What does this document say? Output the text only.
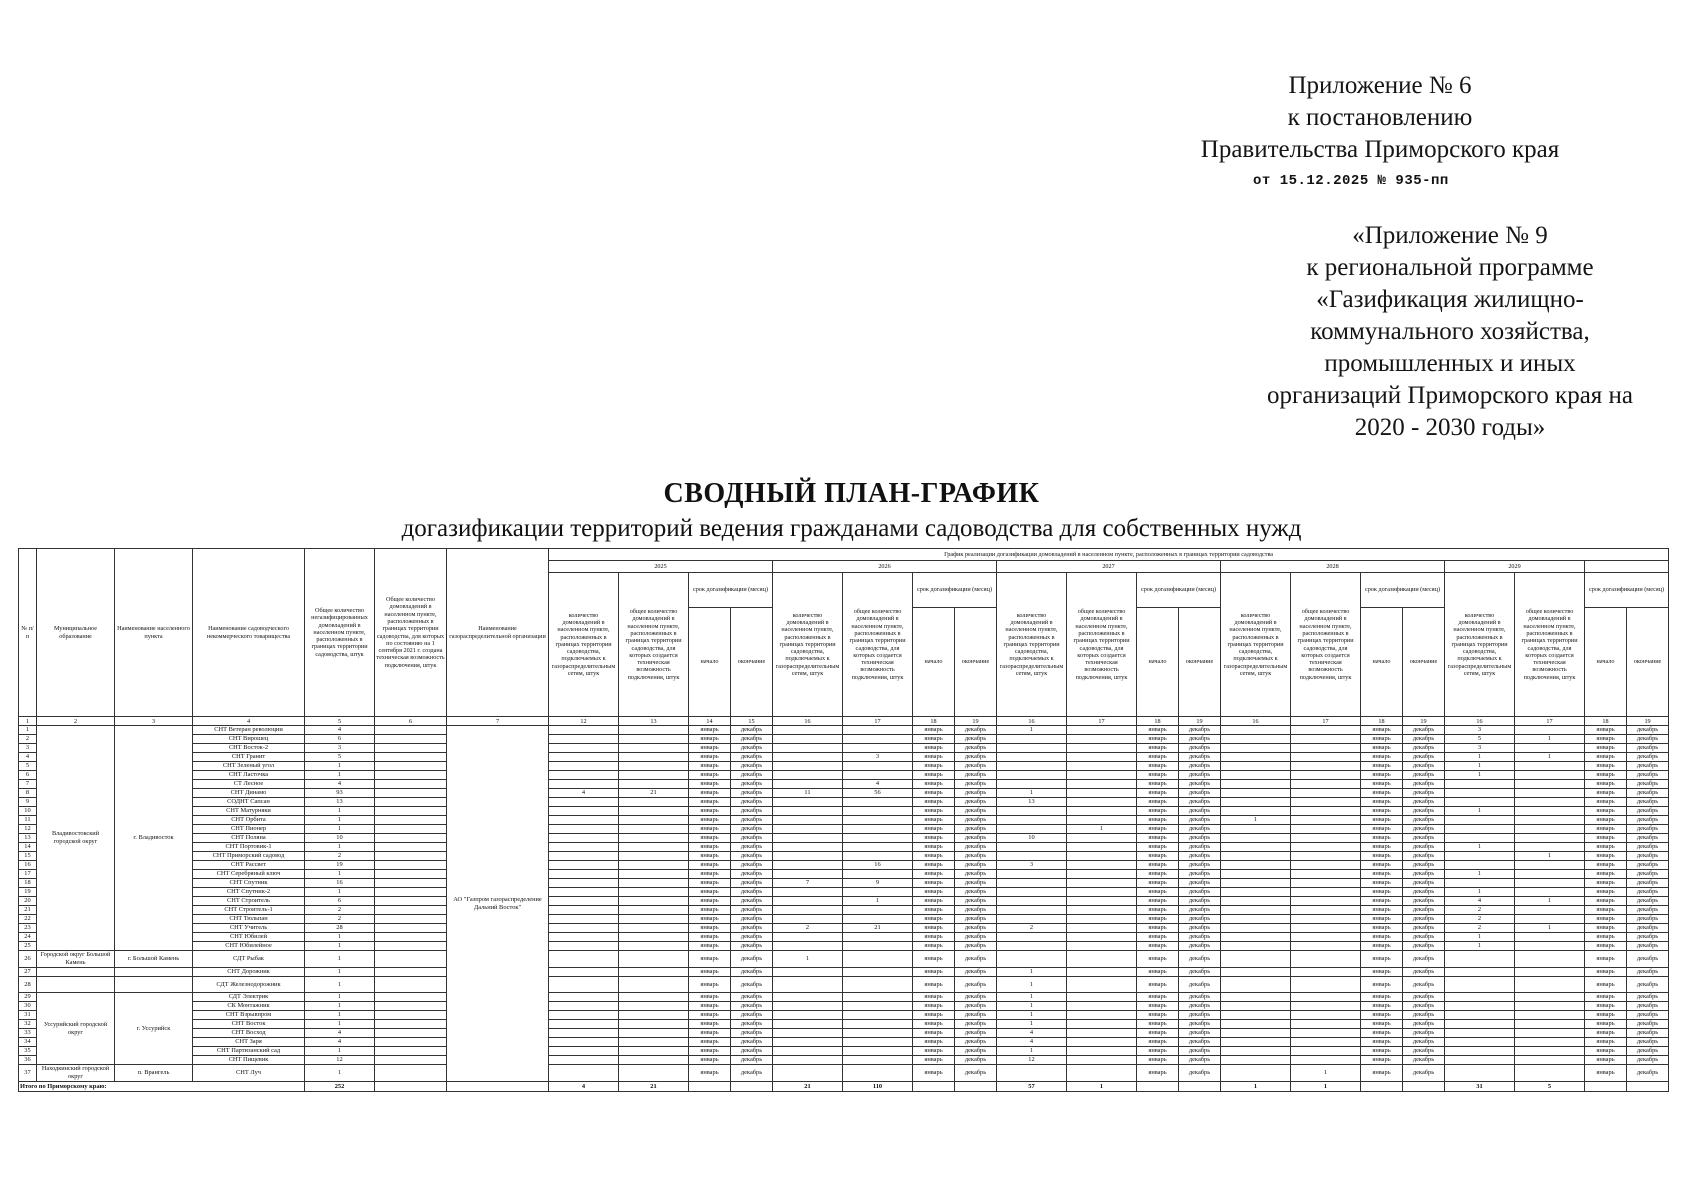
Приложение № 6
к постановлению
Правительства Приморского края
от 15.12.2025 № 935-пп
«Приложение № 9
к региональной программе
«Газификация жилищно-
коммунального хозяйства,
промышленных и иных
организаций Приморского края на
2020 - 2030 годы»
СВОДНЫЙ ПЛАН-ГРАФИК
догазификации территорий ведения гражданами садоводства для собственных нужд
№ п/п	Муниципальное образование	Наименование населенного пункта	Наименование садоводческого некоммерческого товарищества	Общее количество негазифицированных домовладений в населенном пункте, расположенных в границах территории садоводства, штук	Общее количество домовладений в населенном пункте, расположенных в границах территории садоводства, для которых по состоянию на 1 сентября 2021 г. создана техническая возможность подключения, штук	Наименование газораспределительной организации	График реализации догазификации домовладений в населенном пункте, расположенных в границах территории садоводства																			
							2025				2026				2027				2028				2029			
							количество домовладений в населенном пункте, расположенных в границах территории садоводства, подключаемых к газораспределительным сетям, штук	общее количество домовладений в населенном пункте, расположенных в границах территории садоводства, для которых создается техническая возможность подключения, штук	срок догазификации (месяц)		количество домовладений в населенном пункте, расположенных в границах территории садоводства, подключаемых к газораспределительным сетям, штук	общее количество домовладений в населенном пункте, расположенных в границах территории садоводства, для которых создается техническая возможность подключения, штук	срок догазификации (месяц)		количество домовладений в населенном пункте, расположенных в границах территории садоводства, подключаемых к газораспределительным сетям, штук	общее количество домовладений в населенном пункте, расположенных в границах территории садоводства, для которых создается техническая возможность подключения, штук	срок догазификации (месяц)		количество домовладений в населенном пункте, расположенных в границах территории садоводства, подключаемых к газораспределительным сетям, штук	общее количество домовладений в населенном пункте, расположенных в границах территории садоводства, для которых создается техническая возможность подключения, штук	срок догазификации (месяц)		количество домовладений в населенном пункте, расположенных в границах территории садоводства, подключаемых к газораспределительным сетям, штук	общее количество домовладений в населенном пункте, расположенных в границах территории садоводства, для которых создается техническая возможность подключения, штук	срок догазификации (месяц)	
									начало	окончание			начало	окончание			начало	окончание			начало	окончание			начало	окончание
1	2	3	4	5	6	7	12	13	14	15	16	17	18	19	16	17	18	19	16	17	18	19	16	17	18	19
1	Владивостокский городской округ	г. Владивосток	СНТ Ветеран революции	4		АО "Газпром газораспределение Дальний Восток"			январь	декабрь			январь	декабрь	1		январь	декабрь			январь	декабрь	3		январь	декабрь
2			СНТ Вирошец	6					январь	декабрь			январь	декабрь			январь	декабрь			январь	декабрь	5	1	январь	декабрь
3			СНТ Восток-2	3					январь	декабрь			январь	декабрь			январь	декабрь			январь	декабрь	3		январь	декабрь
4			СНТ Гранит	5					январь	декабрь		3	январь	декабрь			январь	декабрь			январь	декабрь	1	1	январь	декабрь
5			СНТ Зеленый угол	1					январь	декабрь			январь	декабрь			январь	декабрь			январь	декабрь	1		январь	декабрь
6			СНТ Ласточка	1					январь	декабрь			январь	декабрь			январь	декабрь			январь	декабрь	1		январь	декабрь
7			СТ Лесное	4					январь	декабрь		4	январь	декабрь			январь	декабрь			январь	декабрь			январь	декабрь
8			СНТ Динамо	93			4	21	январь	декабрь	11	56	январь	декабрь	1		январь	декабрь			январь	декабрь			январь	декабрь
9			СОДНТ Сапсан	13					январь	декабрь			январь	декабрь	13		январь	декабрь			январь	декабрь			январь	декабрь
10			СНТ Матурняки	1					январь	декабрь			январь	декабрь			январь	декабрь			январь	декабрь	1		январь	декабрь
11			СНТ Орбита	1					январь	декабрь			январь	декабрь			январь	декабрь	1		январь	декабрь			январь	декабрь
12			СНТ Пионер	1					январь	декабрь			январь	декабрь		1	январь	декабрь			январь	декабрь			январь	декабрь
13			СНТ Поляна	10					январь	декабрь			январь	декабрь	10		январь	декабрь			январь	декабрь			январь	декабрь
14			СНТ Портовик-1	1					январь	декабрь			январь	декабрь			январь	декабрь			январь	декабрь	1		январь	декабрь
15			СНТ Приморский садовод	2					январь	декабрь			январь	декабрь			январь	декабрь			январь	декабрь		1	январь	декабрь
16			СНТ Рассвет	19					январь	декабрь		16	январь	декабрь	3		январь	декабрь			январь	декабрь			январь	декабрь
17			СНТ Серебряный ключ	1					январь	декабрь			январь	декабрь			январь	декабрь			январь	декабрь	1		январь	декабрь
18			СНТ Спутник	16					январь	декабрь	7	9	январь	декабрь			январь	декабрь			январь	декабрь			январь	декабрь
19			СНТ Спутник-2	1					январь	декабрь			январь	декабрь			январь	декабрь			январь	декабрь	1		январь	декабрь
20			СНТ Строитель	6					январь	декабрь		1	январь	декабрь			январь	декабрь			январь	декабрь	4	1	январь	декабрь
21			СНТ Строитель-1	2					январь	декабрь			январь	декабрь			январь	декабрь			январь	декабрь	2		январь	декабрь
22			СНТ Тюльпан	2					январь	декабрь			январь	декабрь			январь	декабрь			январь	декабрь	2		январь	декабрь
23			СНТ Учитель	28					январь	декабрь	2	21	январь	декабрь	2		январь	декабрь			январь	декабрь	2	1	январь	декабрь
24			СНТ Юбилей	1					январь	декабрь			январь	декабрь			январь	декабрь			январь	декабрь	1		январь	декабрь
25			СНТ Юбилейное	1					январь	декабрь			январь	декабрь			январь	декабрь			январь	декабрь	1		январь	декабрь
26	Городской округ Большой Камень	г. Большой Камень	СДТ Рыбак	1					январь	декабрь	1		январь	декабрь			январь	декабрь			январь	декабрь			январь	декабрь
27			СНТ Дорожник	1					январь	декабрь			январь	декабрь	1		январь	декабрь			январь	декабрь			январь	декабрь
28			СДТ Железнодорожник	1					январь	декабрь			январь	декабрь	1		январь	декабрь			январь	декабрь			январь	декабрь
29	Уссурийский городской округ	г. Уссурийск	СДТ Электрик	1					январь	декабрь			январь	декабрь	1		январь	декабрь			январь	декабрь			январь	декабрь
30			СК Монтажник	1					январь	декабрь			январь	декабрь	1		январь	декабрь			январь	декабрь			январь	декабрь
31			СНТ Взрывпром	1					январь	декабрь			январь	декабрь	1		январь	декабрь			январь	декабрь			январь	декабрь
32			СНТ Восток	1					январь	декабрь			январь	декабрь	1		январь	декабрь			январь	декабрь			январь	декабрь
33			СНТ Восход	4					январь	декабрь			январь	декабрь	4		январь	декабрь			январь	декабрь			январь	декабрь
34			СНТ Заря	4					январь	декабрь			январь	декабрь	4		январь	декабрь			январь	декабрь			январь	декабрь
35			СНТ Партизанский сад	1					январь	декабрь			январь	декабрь	1		январь	декабрь			январь	декабрь			январь	декабрь
36			СНТ Пищевик	12					январь	декабрь			январь	декабрь	12		январь	декабрь			январь	декабрь			январь	декабрь
37	Находкинский городской округ	п. Врангель	СНТ Луч	1					январь	декабрь			январь	декабрь			январь	декабрь		1	январь	декабрь			январь	декабрь
Итого по Приморскому краю:				252			4	21			21	110			57	1			1	1			31	5		
